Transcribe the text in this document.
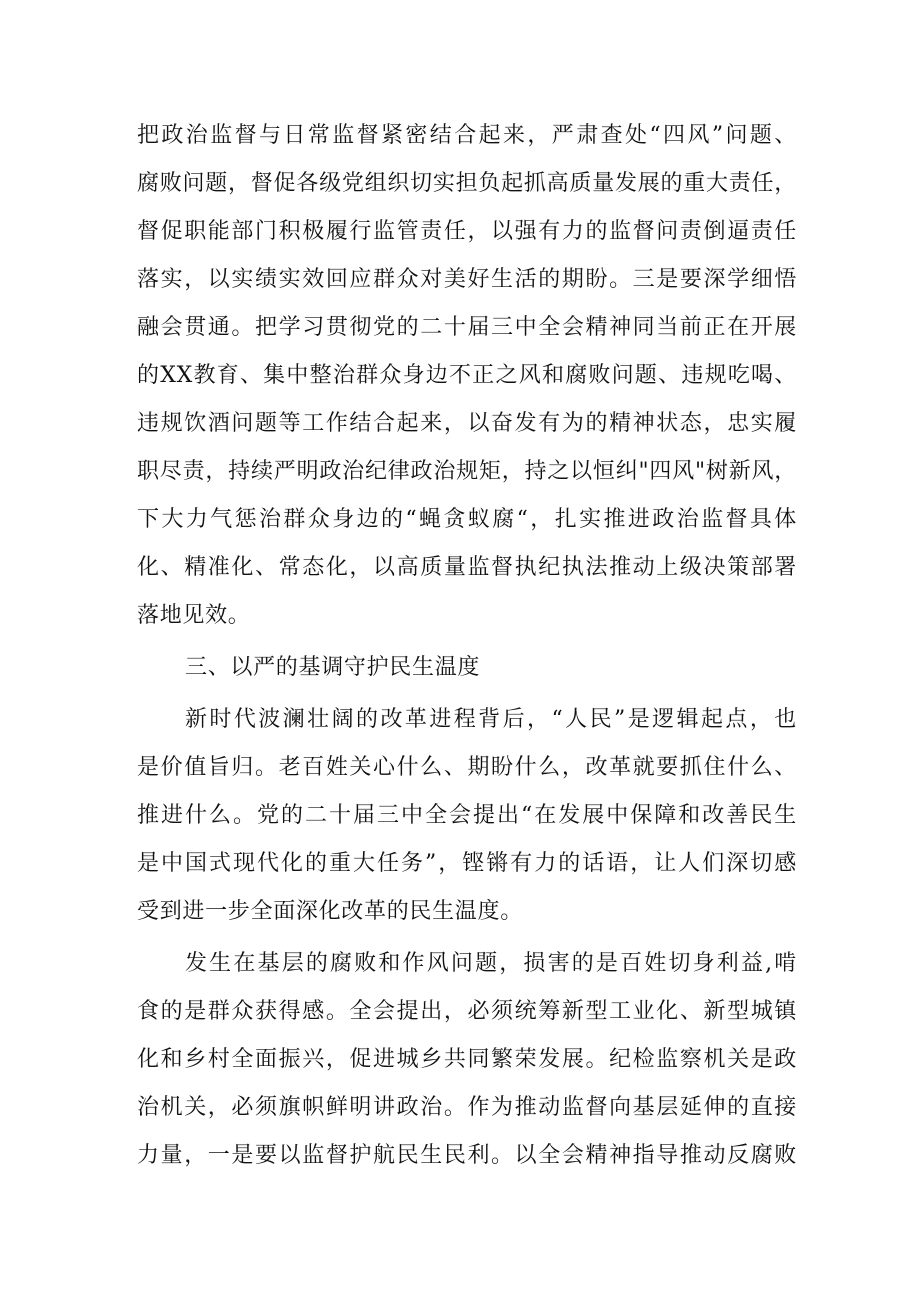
把政治监督与日常监督紧密结合起来，严肃查处“四风”问题、
腐败问题，督促各级党组织切实担负起抓高质量发展的重大责任，
督促职能部门积极履行监管责任，以强有力的监督问责倒逼责任
落实，以实绩实效回应群众对美好生活的期盼。三是要深学细悟
融会贯通。把学习贯彻党的二十届三中全会精神同当前正在开展
的XX教育、集中整治群众身边不正之风和腐败问题、违规吃喝、
违规饮酒问题等工作结合起来，以奋发有为的精神状态，忠实履
职尽责，持续严明政治纪律政治规矩，持之以恒纠"四风"树新风，
下大力气惩治群众身边的“蝇贪蚁腐“，扎实推进政治监督具体
化、精准化、常态化，以高质量监督执纪执法推动上级决策部署
落地见效。
三、以严的基调守护民生温度
新时代波澜壮阔的改革进程背后，“人民”是逻辑起点，也
是价值旨归。老百姓关心什么、期盼什么，改革就要抓住什么、
推进什么。党的二十届三中全会提出“在发展中保障和改善民生
是中国式现代化的重大任务”，铿锵有力的话语，让人们深切感
受到进一步全面深化改革的民生温度。
发生在基层的腐败和作风问题，损害的是百姓切身利益,啃
食的是群众获得感。全会提出，必须统筹新型工业化、新型城镇
化和乡村全面振兴，促进城乡共同繁荣发展。纪检监察机关是政
治机关，必须旗帜鲜明讲政治。作为推动监督向基层延伸的直接
力量，一是要以监督护航民生民利。以全会精神指导推动反腐败
